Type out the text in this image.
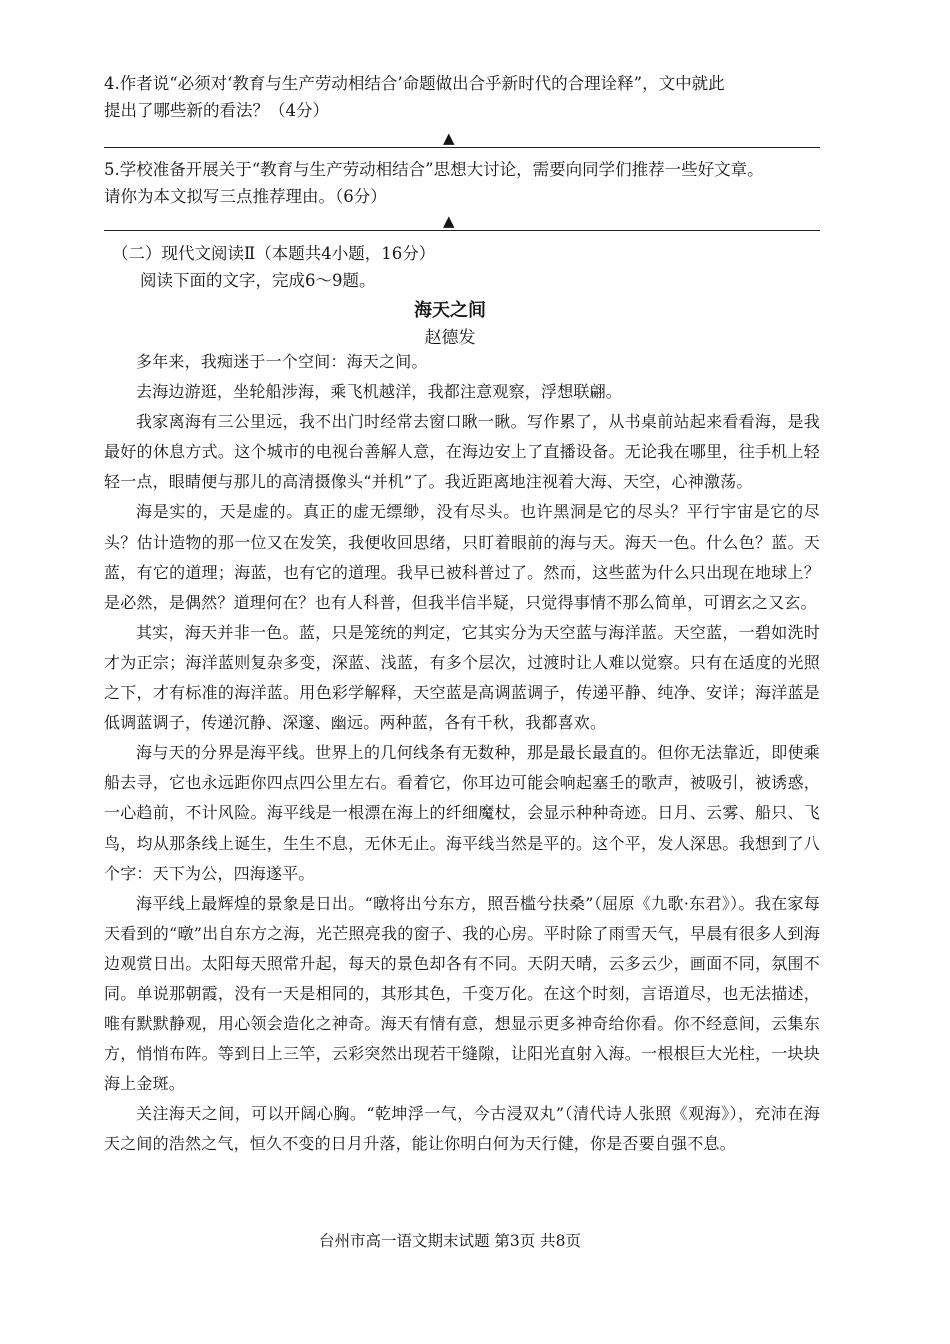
4.作者说“必须对‘教育与生产劳动相结合’命题做出合乎新时代的合理诠释”，文中就此
提出了哪些新的看法？（4分）
▲
5.学校准备开展关于“教育与生产劳动相结合”思想大讨论，需要向同学们推荐一些好文章。
请你为本文拟写三点推荐理由。（6分）
▲
（二）现代文阅读Ⅱ（本题共4小题，16分）
阅读下面的文字，完成6～9题。
海天之间
赵德发

多年来，我痴迷于一个空间：海天之间。

去海边游逛，坐轮船涉海，乘飞机越洋，我都注意观察，浮想联翩。

我家离海有三公里远，我不出门时经常去窗口瞅一瞅。写作累了，从书桌前站起来看看海，是我最好的休息方式。这个城市的电视台善解人意，在海边安上了直播设备。无论我在哪里，往手机上轻轻一点，眼睛便与那儿的高清摄像头“并机”了。我近距离地注视着大海、天空，心神激荡。

海是实的，天是虚的。真正的虚无缥缈，没有尽头。也许黑洞是它的尽头？平行宇宙是它的尽头？估计造物的那一位又在发笑，我便收回思绪，只盯着眼前的海与天。海天一色。什么色？蓝。天蓝，有它的道理；海蓝，也有它的道理。我早已被科普过了。然而，这些蓝为什么只出现在地球上？是必然，是偶然？道理何在？也有人科普，但我半信半疑，只觉得事情不那么简单，可谓玄之又玄。

其实，海天并非一色。蓝，只是笼统的判定，它其实分为天空蓝与海洋蓝。天空蓝，一碧如洗时才为正宗；海洋蓝则复杂多变，深蓝、浅蓝，有多个层次，过渡时让人难以觉察。只有在适度的光照之下，才有标准的海洋蓝。用色彩学解释，天空蓝是高调蓝调子，传递平静、纯净、安详；海洋蓝是低调蓝调子，传递沉静、深邃、幽远。两种蓝，各有千秋，我都喜欢。

海与天的分界是海平线。世界上的几何线条有无数种，那是最长最直的。但你无法靠近，即使乘船去寻，它也永远距你四点四公里左右。看着它，你耳边可能会响起塞壬的歌声，被吸引，被诱惑，一心趋前，不计风险。海平线是一根漂在海上的纤细魔杖，会显示种种奇迹。日月、云雾、船只、飞鸟，均从那条线上诞生，生生不息，无休无止。海平线当然是平的。这个平，发人深思。我想到了八个字：天下为公，四海遂平。

海平线上最辉煌的景象是日出。“暾将出兮东方，照吾槛兮扶桑”（屈原《九歌·东君》）。我在家每天看到的“暾”出自东方之海，光芒照亮我的窗子、我的心房。平时除了雨雪天气，早晨有很多人到海边观赏日出。太阳每天照常升起，每天的景色却各有不同。天阴天晴，云多云少，画面不同，氛围不同。单说那朝霞，没有一天是相同的，其形其色，千变万化。在这个时刻，言语道尽，也无法描述，唯有默默静观，用心领会造化之神奇。海天有情有意，想显示更多神奇给你看。你不经意间，云集东方，悄悄布阵。等到日上三竿，云彩突然出现若干缝隙，让阳光直射入海。一根根巨大光柱，一块块海上金斑。

关注海天之间，可以开阔心胸。“乾坤浮一气，今古浸双丸”（清代诗人张照《观海》），充沛在海天之间的浩然之气，恒久不变的日月升落，能让你明白何为天行健，你是否要自强不息。

台州市高一语文期末试题 第3页 共8页
